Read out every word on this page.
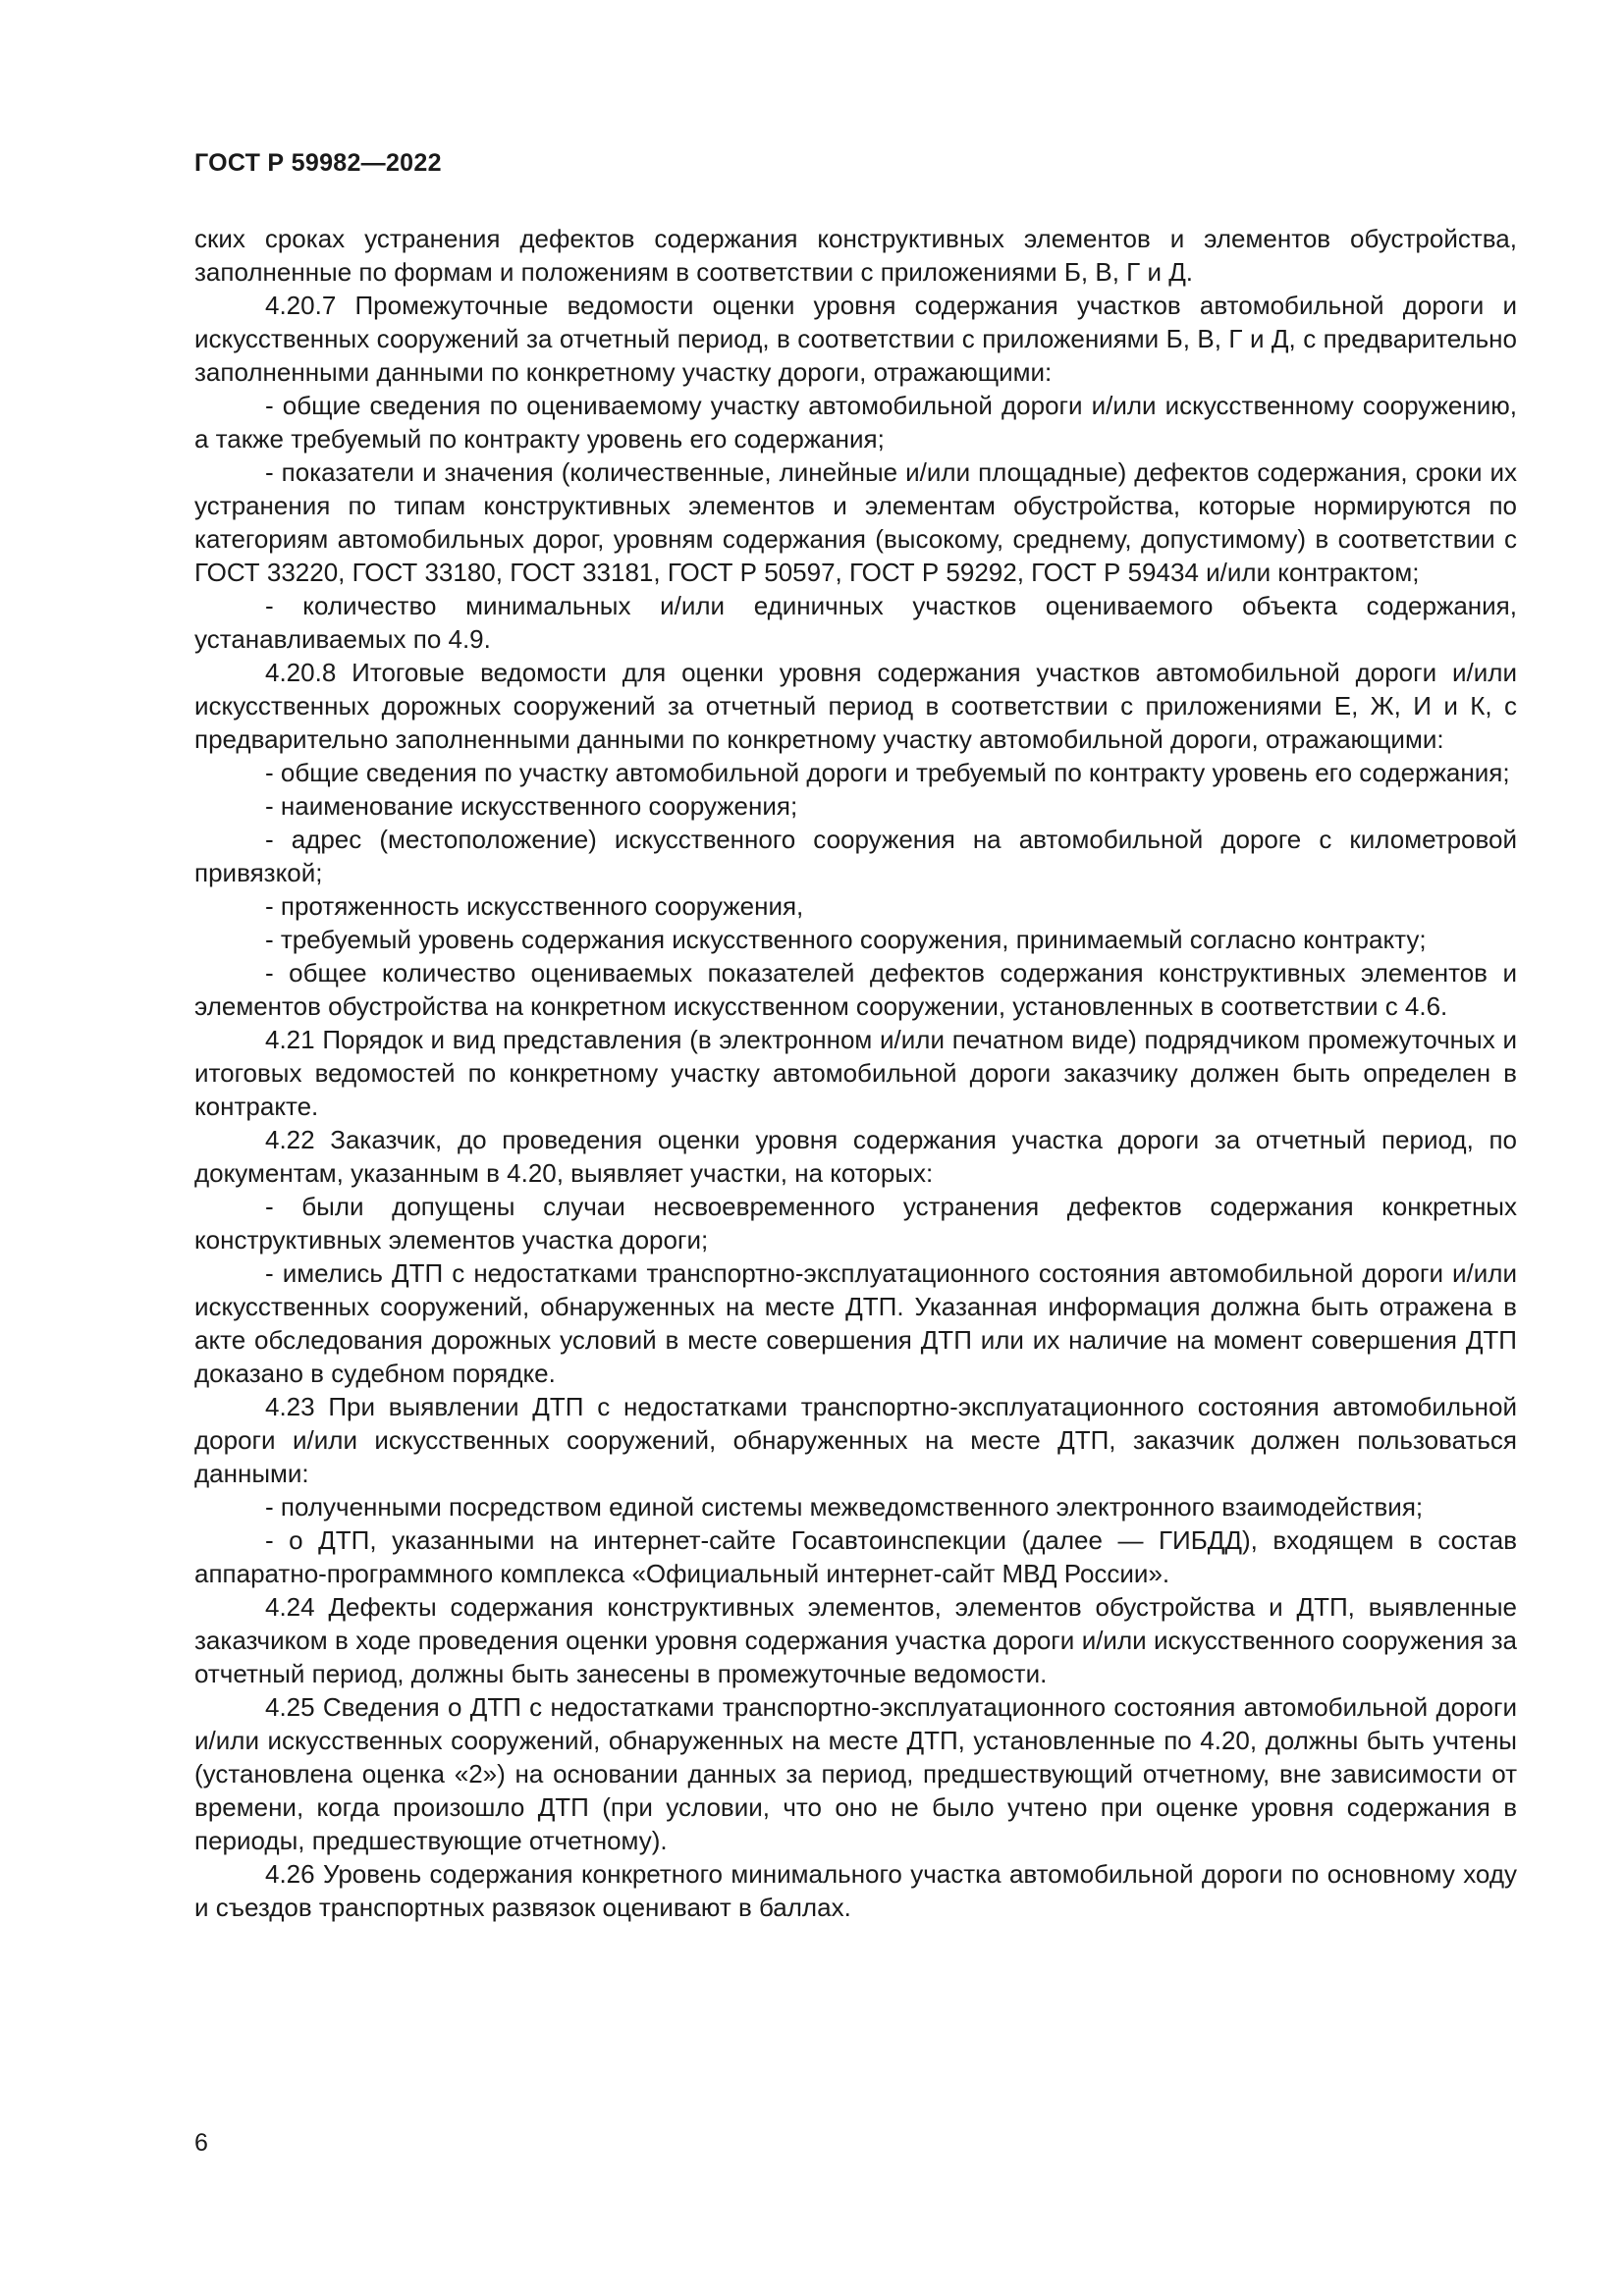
ГОСТ Р 59982—2022

ских сроках устранения дефектов содержания конструктивных элементов и элементов обустройства, заполненные по формам и положениям в соответствии с приложениями Б, В, Г и Д.

4.20.7 Промежуточные ведомости оценки уровня содержания участков автомобильной дороги и искусственных сооружений за отчетный период, в соответствии с приложениями Б, В, Г и Д, с предварительно заполненными данными по конкретному участку дороги, отражающими:

- общие сведения по оцениваемому участку автомобильной дороги и/или искусственному сооружению, а также требуемый по контракту уровень его содержания;

- показатели и значения (количественные, линейные и/или площадные) дефектов содержания, сроки их устранения по типам конструктивных элементов и элементам обустройства, которые нормируются по категориям автомобильных дорог, уровням содержания (высокому, среднему, допустимому) в соответствии с ГОСТ 33220, ГОСТ 33180, ГОСТ 33181, ГОСТ Р 50597, ГОСТ Р 59292, ГОСТ Р 59434 и/или контрактом;

- количество минимальных и/или единичных участков оцениваемого объекта содержания, устанавливаемых по 4.9.

4.20.8 Итоговые ведомости для оценки уровня содержания участков автомобильной дороги и/или искусственных дорожных сооружений за отчетный период в соответствии с приложениями Е, Ж, И и К, с предварительно заполненными данными по конкретному участку автомобильной дороги, отражающими:

- общие сведения по участку автомобильной дороги и требуемый по контракту уровень его содержания;

- наименование искусственного сооружения;

- адрес (местоположение) искусственного сооружения на автомобильной дороге с километровой привязкой;

- протяженность искусственного сооружения,

- требуемый уровень содержания искусственного сооружения, принимаемый согласно контракту;

- общее количество оцениваемых показателей дефектов содержания конструктивных элементов и элементов обустройства на конкретном искусственном сооружении, установленных в соответствии с 4.6.

4.21 Порядок и вид представления (в электронном и/или печатном виде) подрядчиком промежуточных и итоговых ведомостей по конкретному участку автомобильной дороги заказчику должен быть определен в контракте.

4.22 Заказчик, до проведения оценки уровня содержания участка дороги за отчетный период, по документам, указанным в 4.20, выявляет участки, на которых:

- были допущены случаи несвоевременного устранения дефектов содержания конкретных конструктивных элементов участка дороги;

- имелись ДТП с недостатками транспортно-эксплуатационного состояния автомобильной дороги и/или искусственных сооружений, обнаруженных на месте ДТП. Указанная информация должна быть отражена в акте обследования дорожных условий в месте совершения ДТП или их наличие на момент совершения ДТП доказано в судебном порядке.

4.23 При выявлении ДТП с недостатками транспортно-эксплуатационного состояния автомобильной дороги и/или искусственных сооружений, обнаруженных на месте ДТП, заказчик должен пользоваться данными:

- полученными посредством единой системы межведомственного электронного взаимодействия;

- о ДТП, указанными на интернет-сайте Госавтоинспекции (далее — ГИБДД), входящем в состав аппаратно-программного комплекса «Официальный интернет-сайт МВД России».

4.24 Дефекты содержания конструктивных элементов, элементов обустройства и ДТП, выявленные заказчиком в ходе проведения оценки уровня содержания участка дороги и/или искусственного сооружения за отчетный период, должны быть занесены в промежуточные ведомости.

4.25 Сведения о ДТП с недостатками транспортно-эксплуатационного состояния автомобильной дороги и/или искусственных сооружений, обнаруженных на месте ДТП, установленные по 4.20, должны быть учтены (установлена оценка «2») на основании данных за период, предшествующий отчетному, вне зависимости от времени, когда произошло ДТП (при условии, что оно не было учтено при оценке уровня содержания в периоды, предшествующие отчетному).

4.26 Уровень содержания конкретного минимального участка автомобильной дороги по основному ходу и съездов транспортных развязок оценивают в баллах.

6
